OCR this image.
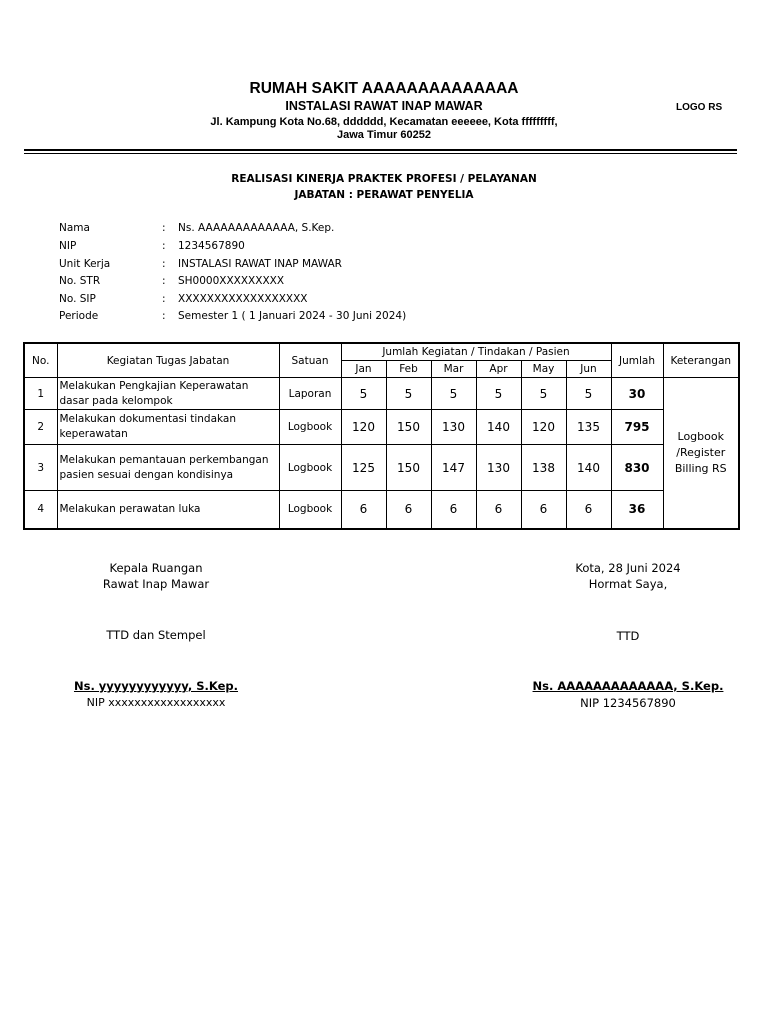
RUMAH SAKIT AAAAAAAAAAAAAA
INSTALASI RAWAT INAP MAWAR
Jl. Kampung Kota No.68, dddddd, Kecamatan eeeeee, Kota fffffffff,
Jawa Timur 60252
LOGO RS
REALISASI KINERJA PRAKTEK PROFESI / PELAYANAN
JABATAN : PERAWAT PENYELIA
Nama	: Ns. AAAAAAAAAAAAA, S.Kep.
NIP	: 1234567890
Unit Kerja	: INSTALASI RAWAT INAP MAWAR
No. STR	: SH0000XXXXXXXXX
No. SIP	: XXXXXXXXXXXXXXXXXX
Periode	: Semester 1 ( 1 Januari 2024 - 30 Juni 2024)
No.	Kegiatan Tugas Jabatan	Satuan	Jumlah Kegiatan / Tindakan / Pasien						Jumlah	Keterangan
			Jan	Feb	Mar	Apr	May	Jun		
1	Melakukan Pengkajian Keperawatan dasar pada kelompok	Laporan	5	5	5	5	5	5	30	Logbook /Register Billing RS
2	Melakukan dokumentasi tindakan keperawatan	Logbook	120	150	130	140	120	135	795	
3	Melakukan pemantauan perkembangan pasien sesuai dengan kondisinya	Logbook	125	150	147	130	138	140	830	
4	Melakukan perawatan luka	Logbook	6	6	6	6	6	6	36	
Kepala Ruangan
Rawat Inap Mawar
TTD dan Stempel
Ns. yyyyyyyyyyyy, S.Kep.
NIP xxxxxxxxxxxxxxxxxx
Kota, 28 Juni 2024
Hormat Saya,
TTD
Ns. AAAAAAAAAAAAA, S.Kep.
NIP 1234567890
